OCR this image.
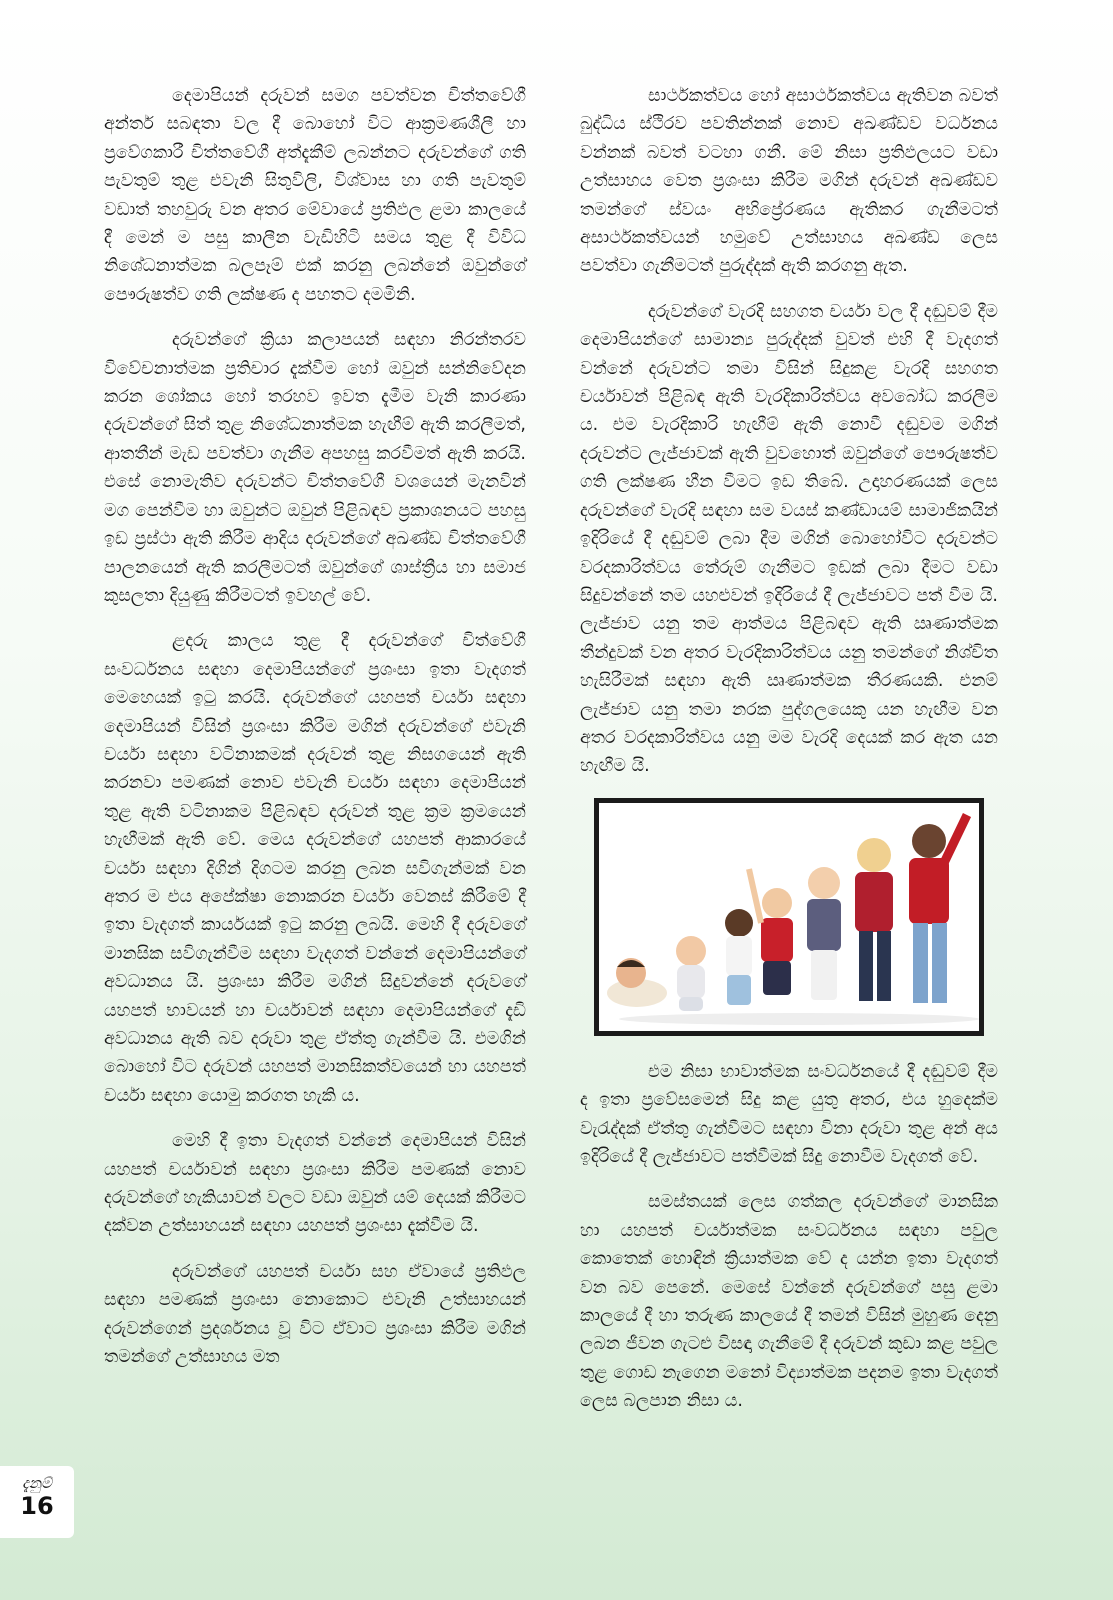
දෙමාපියන් දරුවන් සමග පවත්වන චිත්තවේගී අන්තර් සබඳතා වල දී බොහෝ විට ආක්‍රමණශීලී හා ප්‍රවේගකාරී චිත්තවේගී අත්දැකීම් ලබන්නට දරුවන්ගේ ගති පැවතුම් තුළ එවැනි සිතුවිලි, විශ්වාස හා ගති පැවතුම් වඩාත් තහවුරු වන අතර මේවායේ ප්‍රතිඵල ළමා කාලයේ දී මෙන් ම පසු කාලීන වැඩිහිටි සමය තුළ දී විවිධ නිශේධනාත්මක බලපෑම් එක් කරනු ලබන්නේ ඔවුන්ගේ පෞරුෂත්ව ගති ලක්ෂණ ද පහතට දමමිනි.

දරුවන්ගේ ක්‍රියා කලාපයන් සඳහා නිරන්තරව විවේචනාත්මක ප්‍රතිචාර දැක්වීම හෝ ඔවුන් සන්නිවේදන කරන ශෝකය හෝ තරහව ඉවත දැමීම වැනි කාරණා දරුවන්ගේ සිත් තුළ නිශේධනාත්මක හැඟීම් ඇති කරලීමත්, ආතතීන් මැඩ පවත්වා ගැනීම අපහසු කරවීමත් ඇති කරයි. එසේ නොමැතිව දරුවන්ට චිත්තවේගී වශයෙන් මැනවින් මග පෙන්වීම හා ඔවුන්ට ඔවුන් පිළිබඳව ප්‍රකාශනයට පහසු ඉඩ ප්‍රස්ථා ඇති කිරීම ආදිය දරුවන්ගේ අඛණ්ඩ චිත්තවේගී පාලනයෙන් ඇති කරලීමටත් ඔවුන්ගේ ශාස්ත්‍රීය හා සමාජ කුසලතා දියුණු කිරීමටත් ඉවහල් වේ.

ළදරු කාලය තුළ දී දරුවන්ගේ චිත්වේගී සංවර්ධනය සඳහා දෙමාපියන්ගේ ප්‍රශංසා ඉතා වැදගත් මෙහෙයක් ඉටු කරයි. දරුවන්ගේ යහපත් චර්යා සඳහා දෙමාපියන් විසින් ප්‍රශංසා කිරීම මගින් දරුවන්ගේ එවැනි චර්යා සඳහා වටිනාකමක් දරුවන් තුළ නිසගයෙන් ඇති කරනවා පමණක් නොව එවැනි චර්යා සඳහා දෙමාපියන් තුළ ඇති වටිනාකම පිළිබඳව දරුවන් තුළ ක්‍රම ක්‍රමයෙන් හැඟීමක් ඇති වේ. මෙය දරුවන්ගේ යහපත් ආකාරයේ චර්යා සඳහා දිගින් දිගටම කරනු ලබන සවිගැන්මක් වන අතර ම එය අපේක්ෂා නොකරන චර්යා වෙනස් කිරීමේ දී ඉතා වැදගත් කාර්යයක් ඉටු කරනු ලබයි. මෙහි දී දරුවගේ මානසික සවිගැන්වීම සඳහා වැදගත් වන්නේ දෙමාපියන්ගේ අවධානය යි. ප්‍රශංසා කිරීම මගින් සිදුවන්නේ දරුවගේ යහපත් භාවයන් හා චර්යාවන් සඳහා දෙමාපියන්ගේ දැඩි අවධානය ඇති බව දරුවා තුළ ඒත්තු ගැන්වීම යි. එමගින් බොහෝ විට දරුවන් යහපත් මානසිකත්වයෙන් හා යහපත් චර්යා සඳහා යොමු කරගත හැකි ය.

මෙහි දී ඉතා වැදගත් වන්නේ දෙමාපියන් විසින් යහපත් චර්යාවන් සඳහා ප්‍රශංසා කිරීම පමණක් නොව දරුවන්ගේ හැකියාවන් වලට වඩා ඔවුන් යම් දෙයක් කිරීමට දක්වන උත්සාහයන් සඳහා යහපත් ප්‍රශංසා දැක්වීම යි.

දරුවන්ගේ යහපත් චර්යා සහ ඒවායේ ප්‍රතිඵල සඳහා පමණක් ප්‍රශංසා නොකොට එවැනි උත්සාහයන් දරුවන්ගෙන් ප්‍රදර්ශනය වූ විට ඒවාට ප්‍රශංසා කිරීම මගින් තමන්ගේ උත්සාහය මත

සාර්ථකත්වය හෝ අසාර්ථකත්වය ඇතිවන බවත් බුද්ධිය ස්ථිරව පවතින්නක් නොව අඛණ්ඩව වර්ධනය වන්නක් බවත් වටහා ගනී. මේ නිසා ප්‍රතිඵලයට වඩා උත්සාහය වෙත ප්‍රශංසා කිරීම මගින් දරුවන් අඛණ්ඩව තමන්ගේ ස්වයං අභිප්‍රේරණය ඇතිකර ගැනීමටත් අසාර්ථකත්වයන් හමුවේ උත්සාහය අඛණ්ඩ ලෙස පවත්වා ගැනීමටත් පුරුද්දක් ඇති කරගනු ඇත.

දරුවන්ගේ වැරදි සහගත චර්යා වල දී දඬුවම් දීම දෙමාපියන්ගේ සාමාන්‍ය පුරුද්දක් වුවත් එහි දී වැදගත් වන්නේ දරුවන්ට තමා විසින් සිදුකළ වැරදි සහගත චර්යාවන් පිළිබඳ ඇති වැරදිකාරිත්වය අවබෝධ කරලීම ය. එම වැරදිකාරි හැඟීම් ඇති නොවී දඬුවම මගින් දරුවන්ට ලැජ්ජාවක් ඇති වුවහොත් ඔවුන්ගේ පෞරුෂත්ව ගති ලක්ෂණ හීන වීමට ඉඩ තිබේ. උදාහරණයක් ලෙස දරුවන්ගේ වැරදි සඳහා සම වයස් කණ්ඩායම් සාමාජිකයින් ඉදිරියේ දී දඬුවම් ලබා දීම මගින් බොහෝවිට දරුවන්ට වරදකාරිත්වය තේරුම් ගැනීමට ඉඩක් ලබා දීමට වඩා සිදුවන්නේ තම යහළුවන් ඉදිරියේ දී ලැජ්ජාවට පත් වීම යි. ලැජ්ජාව යනු තම ආත්මය පිළිබඳව ඇති ඍණාත්මක තීන්දුවක් වන අතර වැරදිකාරිත්වය යනු තමන්ගේ නිශ්චිත හැසිරීමක් සඳහා ඇති ඍණාත්මක තීරණයකි. එනම් ලැජ්ජාව යනු තමා නරක පුද්ගලයෙකු යන හැඟීම වන අතර වරදකාරිත්වය යනු මම වැරදි දෙයක් කර ඇත යන හැඟීම යි.

එම නිසා භාවාත්මක සංවර්ධනයේ දී දඬුවම් දීම ද ඉතා ප්‍රවේසමෙන් සිදු කළ යුතු අතර, එය හුදෙක්ම වැරැද්දක් ඒත්තු ගැන්වීමට සඳහා විනා දරුවා තුළ අන් අය ඉදිරියේ දී ලැජ්ජාවට පත්වීමක් සිදු නොවීම වැදගත් වේ.

සමස්තයක් ලෙස ගත්කල දරුවන්ගේ මානසික හා යහපත් චර්යාත්මක සංවර්ධනය සඳහා පවුල කොතෙක් හොඳින් ක්‍රියාත්මක වේ ද යන්න ඉතා වැදගත් වන බව පෙනේ. මෙසේ වන්නේ දරුවන්ගේ පසු ළමා කාලයේ දී හා තරුණ කාලයේ දී තමන් විසින් මුහුණ දෙනු ලබන ජීවන ගැටළු විසඳා ගැනීමේ දී දරුවන් කුඩා කළ පවුල තුළ ගොඩ නැගෙන මනෝ විද්‍යාත්මක පදනම ඉතා වැදගත් ලෙස බලපාන නිසා ය.

දැනුම්
16
